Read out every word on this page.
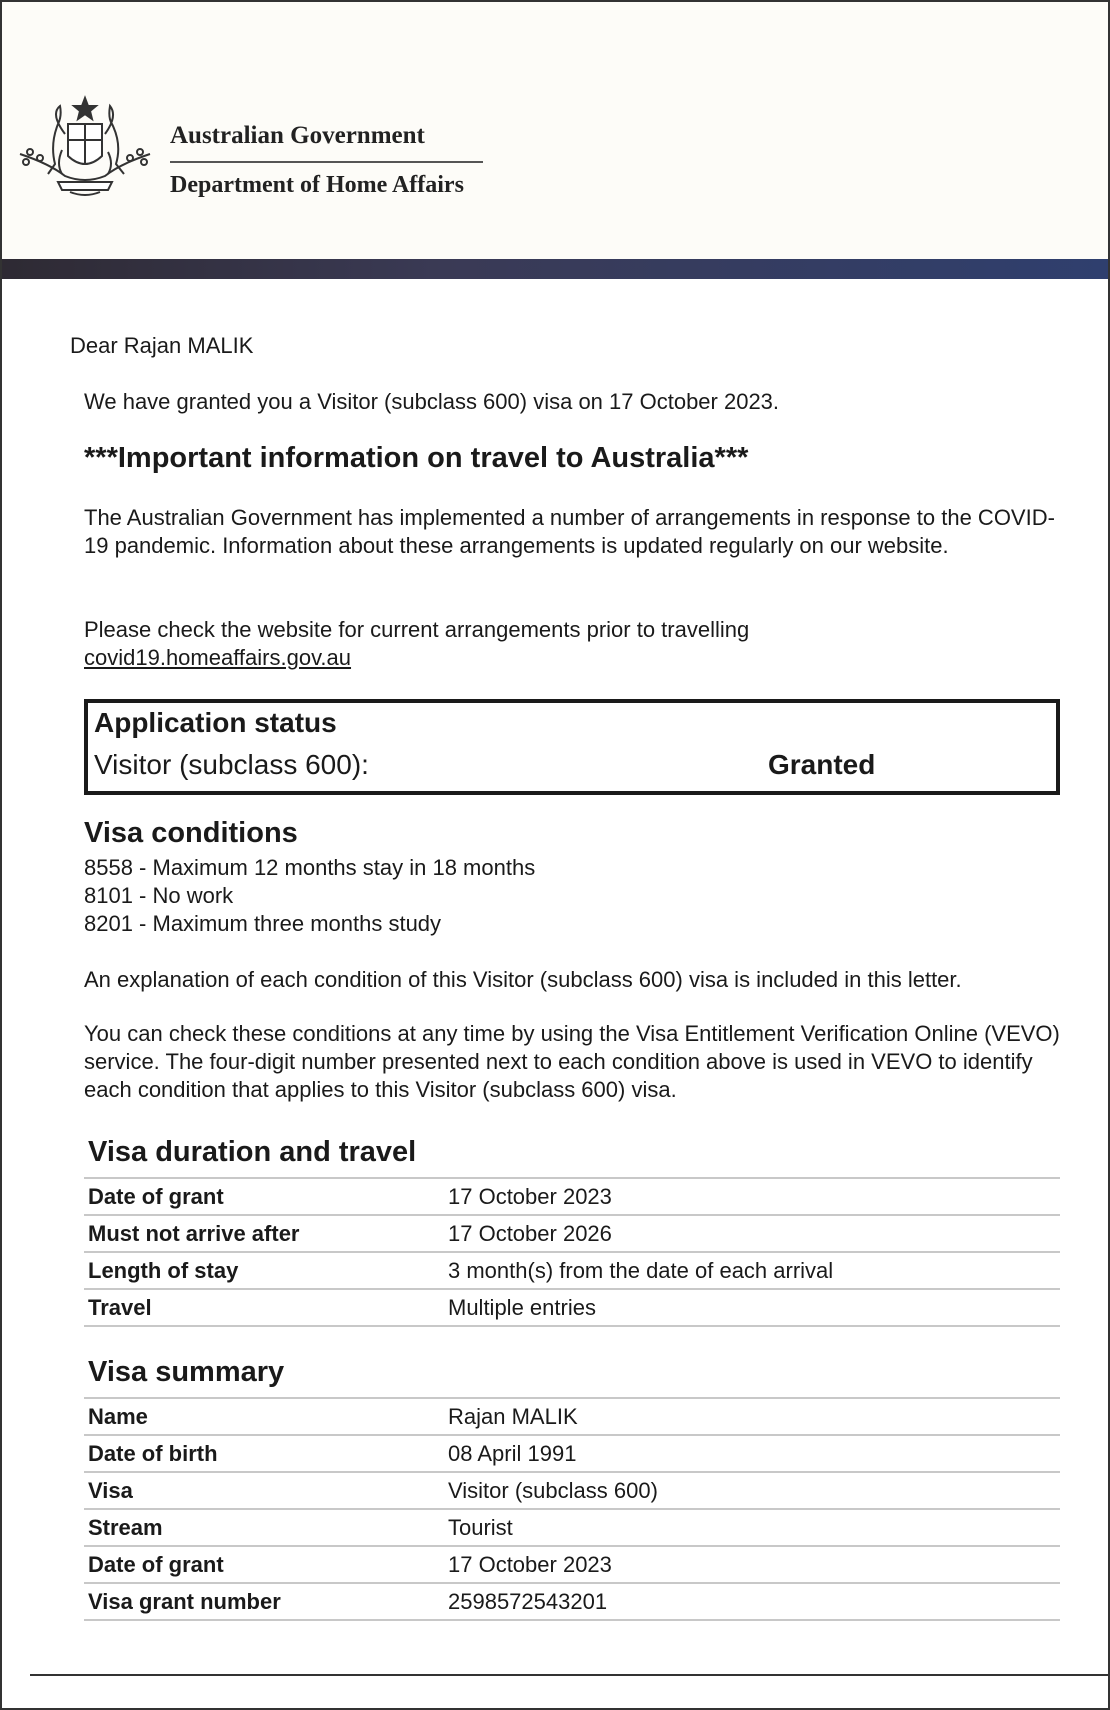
Australian Government
Department of Home Affairs
Dear Rajan MALIK
We have granted you a Visitor (subclass 600) visa on 17 October 2023.
***Important information on travel to Australia***
The Australian Government has implemented a number of arrangements in response to the COVID-19 pandemic. Information about these arrangements is updated regularly on our website.
Please check the website for current arrangements prior to travelling
covid19.homeaffairs.gov.au
Application status
Visitor (subclass 600):	Granted
Visa conditions
8558 - Maximum 12 months stay in 18 months
8101 - No work
8201 - Maximum three months study
An explanation of each condition of this Visitor (subclass 600) visa is included in this letter.
You can check these conditions at any time by using the Visa Entitlement Verification Online (VEVO) service. The four-digit number presented next to each condition above is used in VEVO to identify each condition that applies to this Visitor (subclass 600) visa.
Visa duration and travel
Date of grant	17 October 2023
Must not arrive after	17 October 2026
Length of stay	3 month(s) from the date of each arrival
Travel	Multiple entries
Visa summary
Name	Rajan MALIK
Date of birth	08 April 1991
Visa	Visitor (subclass 600)
Stream	Tourist
Date of grant	17 October 2023
Visa grant number	2598572543201
